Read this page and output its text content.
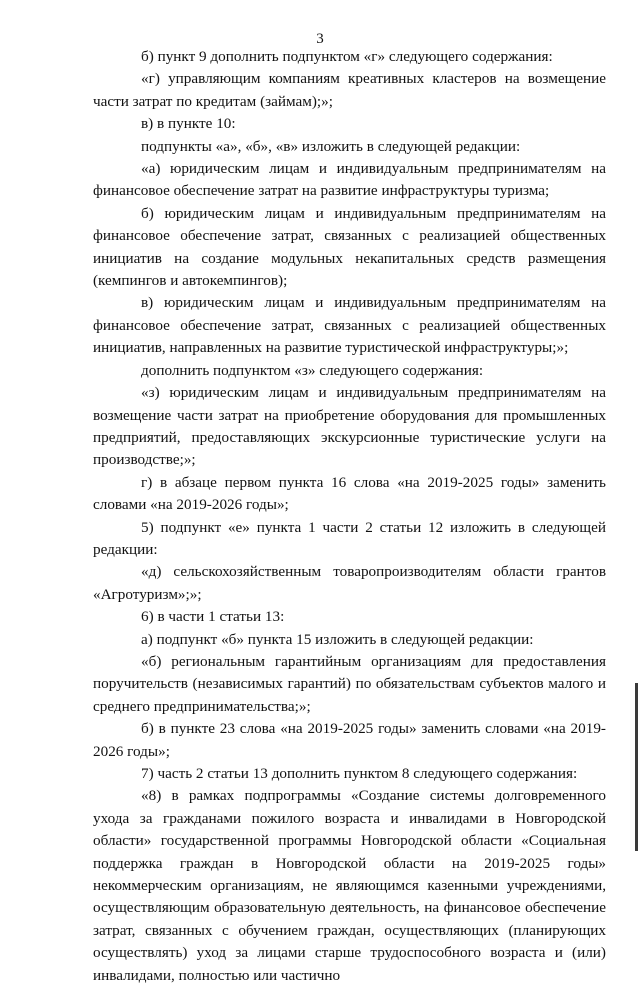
3

б) пункт 9 дополнить подпунктом «г» следующего содержания:

«г) управляющим компаниям креативных кластеров на возмещение части затрат по кредитам (займам);»;

в) в пункте 10:

подпункты «а», «б», «в» изложить в следующей редакции:

«а) юридическим лицам и индивидуальным предпринимателям на финансовое обеспечение затрат на развитие инфраструктуры туризма;

б) юридическим лицам и индивидуальным предпринимателям на финансовое обеспечение затрат, связанных с реализацией общественных инициатив на создание модульных некапитальных средств размещения (кемпингов и автокемпингов);

в) юридическим лицам и индивидуальным предпринимателям на финансовое обеспечение затрат, связанных с реализацией общественных инициатив, направленных на развитие туристической инфраструктуры;»;

дополнить подпунктом «з» следующего содержания:

«з) юридическим лицам и индивидуальным предпринимателям на возмещение части затрат на приобретение оборудования для промышленных предприятий, предоставляющих экскурсионные туристические услуги на производстве;»;

г) в абзаце первом пункта 16 слова «на 2019-2025 годы» заменить словами «на 2019-2026 годы»;

5) подпункт «е» пункта 1 части 2 статьи 12 изложить в следующей редакции:

«д) сельскохозяйственным товаропроизводителям области грантов «Агротуризм»;»;

6) в части 1 статьи 13:

а) подпункт «б» пункта 15 изложить в следующей редакции:

«б) региональным гарантийным организациям для предоставления поручительств (независимых гарантий) по обязательствам субъектов малого и среднего предпринимательства;»;

б) в пункте 23 слова «на 2019-2025 годы» заменить словами «на 2019-2026 годы»;

7) часть 2 статьи 13 дополнить пунктом 8 следующего содержания:

«8) в рамках подпрограммы «Создание системы долговременного ухода за гражданами пожилого возраста и инвалидами в Новгородской области» государственной программы Новгородской области «Социальная поддержка граждан в Новгородской области на 2019-2025 годы» некоммерческим организациям, не являющимся казенными учреждениями, осуществляющим образовательную деятельность, на финансовое обеспечение затрат, связанных с обучением граждан, осуществляющих (планирующих осуществлять) уход за лицами старше трудоспособного возраста и (или) инвалидами, полностью или частично
